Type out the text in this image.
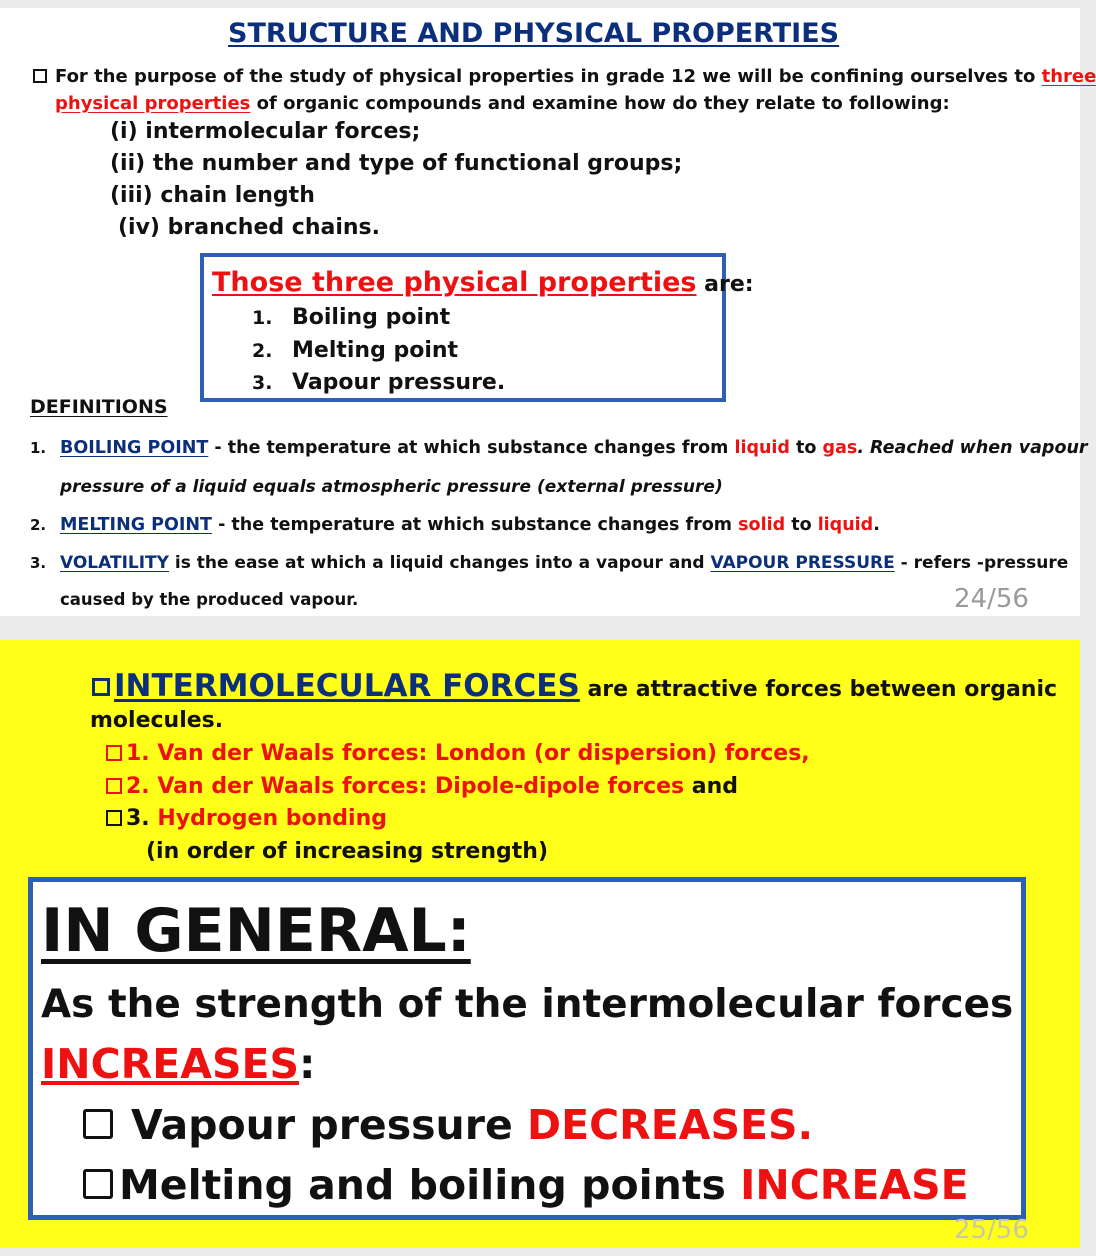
STRUCTURE AND PHYSICAL PROPERTIES
For the purpose of the study of physical properties in grade 12 we will be confining ourselves to three
physical properties of organic compounds and examine how do they relate to following:
(i) intermolecular forces;
(ii) the number and type of functional groups;
(iii) chain length
(iv) branched chains.
Those three physical properties are:
1. Boiling point
2. Melting point
3. Vapour pressure.
DEFINITIONS
1. BOILING POINT - the temperature at which substance changes from liquid to gas. Reached when vapour
pressure of a liquid equals atmospheric pressure (external pressure)
2. MELTING POINT - the temperature at which substance changes from solid to liquid.
3. VOLATILITY is the ease at which a liquid changes into a vapour and VAPOUR PRESSURE - refers -pressure
caused by the produced vapour.	24/56
INTERMOLECULAR FORCES are attractive forces between organic
molecules.
1. Van der Waals forces: London (or dispersion) forces,
2. Van der Waals forces: Dipole-dipole forces and
3. Hydrogen bonding
(in order of increasing strength)
IN GENERAL:
As the strength of the intermolecular forces
INCREASES:
Vapour pressure DECREASES.
Melting and boiling points INCREASE
25/56
